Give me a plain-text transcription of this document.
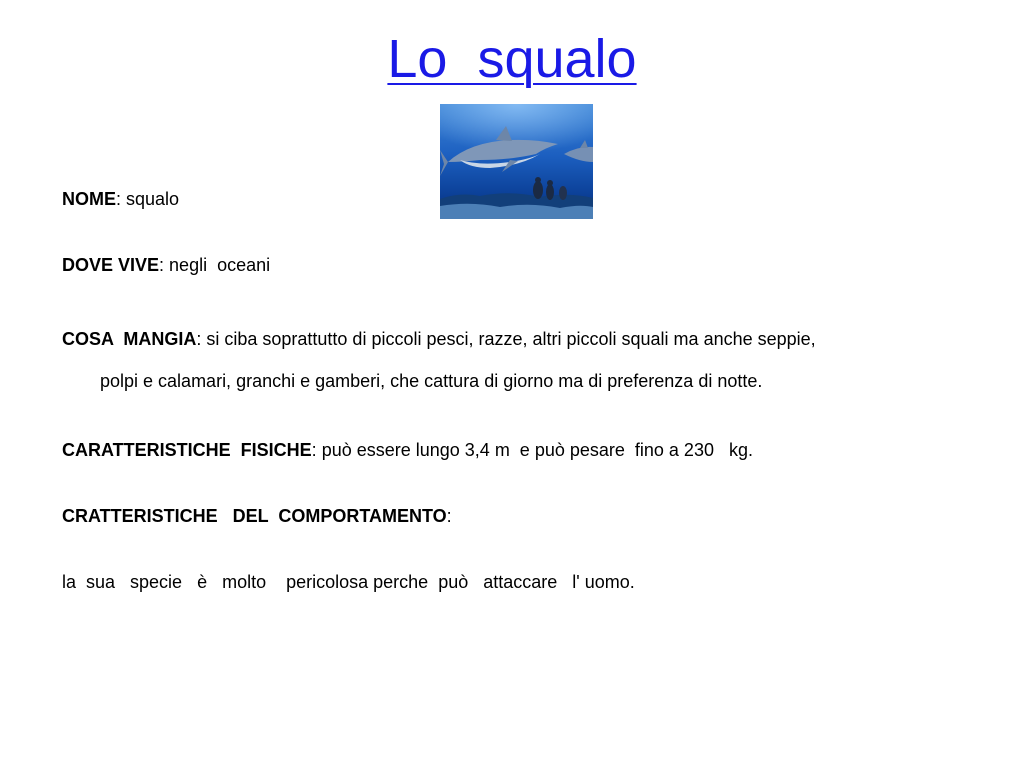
Lo  squalo
NOME: squalo
DOVE VIVE: negli  oceani
COSA  MANGIA: si ciba soprattutto di piccoli pesci, razze, altri piccoli squali ma anche seppie,
polpi e calamari, granchi e gamberi, che cattura di giorno ma di preferenza di notte.
CARATTERISTICHE  FISICHE: può essere lungo 3,4 m  e può pesare  fino a 230   kg.
CRATTERISTICHE   DEL  COMPORTAMENTO:
la  sua   specie   è   molto    pericolosa perche  può   attaccare   l' uomo.
